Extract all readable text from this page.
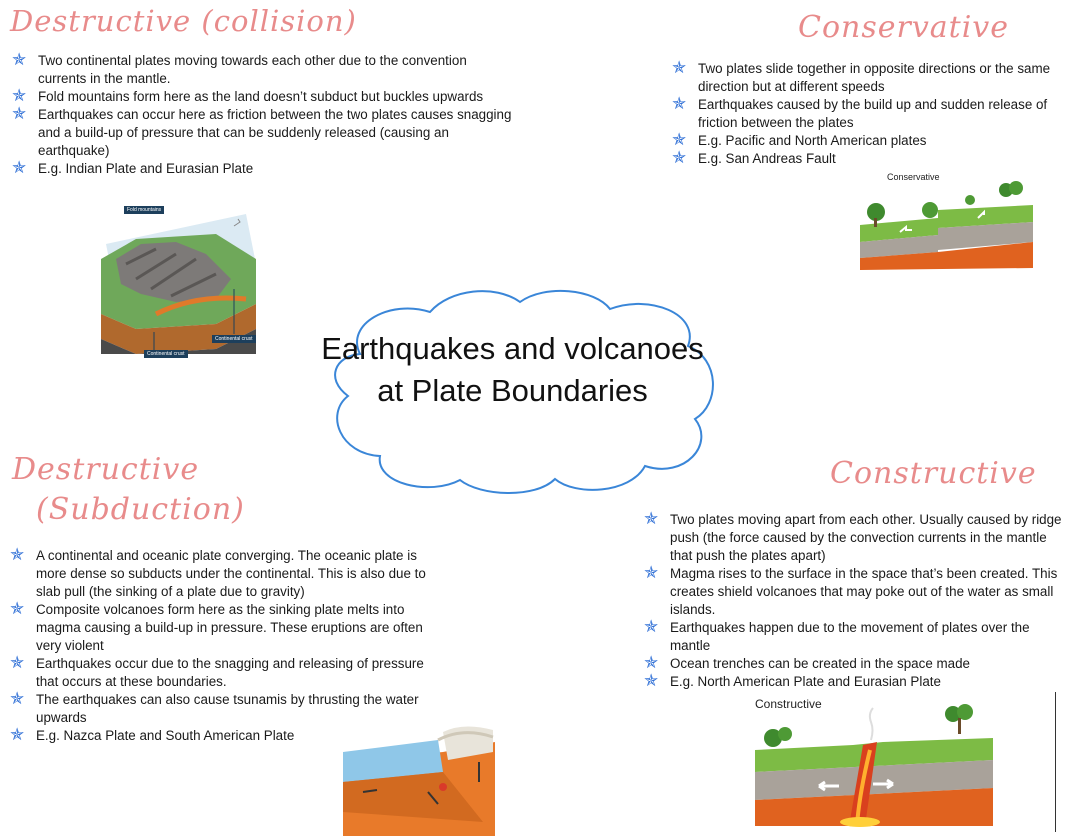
Destructive (collision)	Conservative
Destructive
(Subduction)
Constructive
✯ Two continental plates moving towards each other due to the convention currents in the mantle.
✯ Fold mountains form here as the land doesn’t subduct but buckles upwards
✯ Earthquakes can occur here as friction between the two plates causes snagging and a build-up of pressure that can be suddenly released (causing an earthquake)
✯ E.g. Indian Plate and Eurasian Plate
✯ Two plates slide together in opposite directions or the same direction but at different speeds
✯ Earthquakes caused by the build up and sudden release of friction between the plates
✯ E.g. Pacific and North American plates
✯ E.g. San Andreas Fault
✯ A continental and oceanic plate converging. The oceanic plate is more dense so subducts under the continental. This is also due to slab pull (the sinking of a plate due to gravity)
✯ Composite volcanoes form here as the sinking plate melts into magma causing a build-up in pressure. These eruptions are often very violent
✯ Earthquakes occur due to the snagging and releasing of pressure that occurs at these boundaries.
✯ The earthquakes can also cause tsunamis by thrusting the water upwards
✯ E.g. Nazca Plate and South American Plate
✯ Two plates moving apart from each other. Usually caused by ridge push (the force caused by the convection currents in the mantle that push the plates apart)
✯ Magma rises to the surface in the space that’s been created. This creates shield volcanoes that may poke out of the water as small islands.
✯ Earthquakes happen due to the movement of plates over the mantle
✯ Ocean trenches can be created in the space made
✯ E.g. North American Plate and Eurasian Plate
Earthquakes and volcanoes at Plate Boundaries
Fold mountains
Continental crust
Continental crust
Conservative
Constructive
